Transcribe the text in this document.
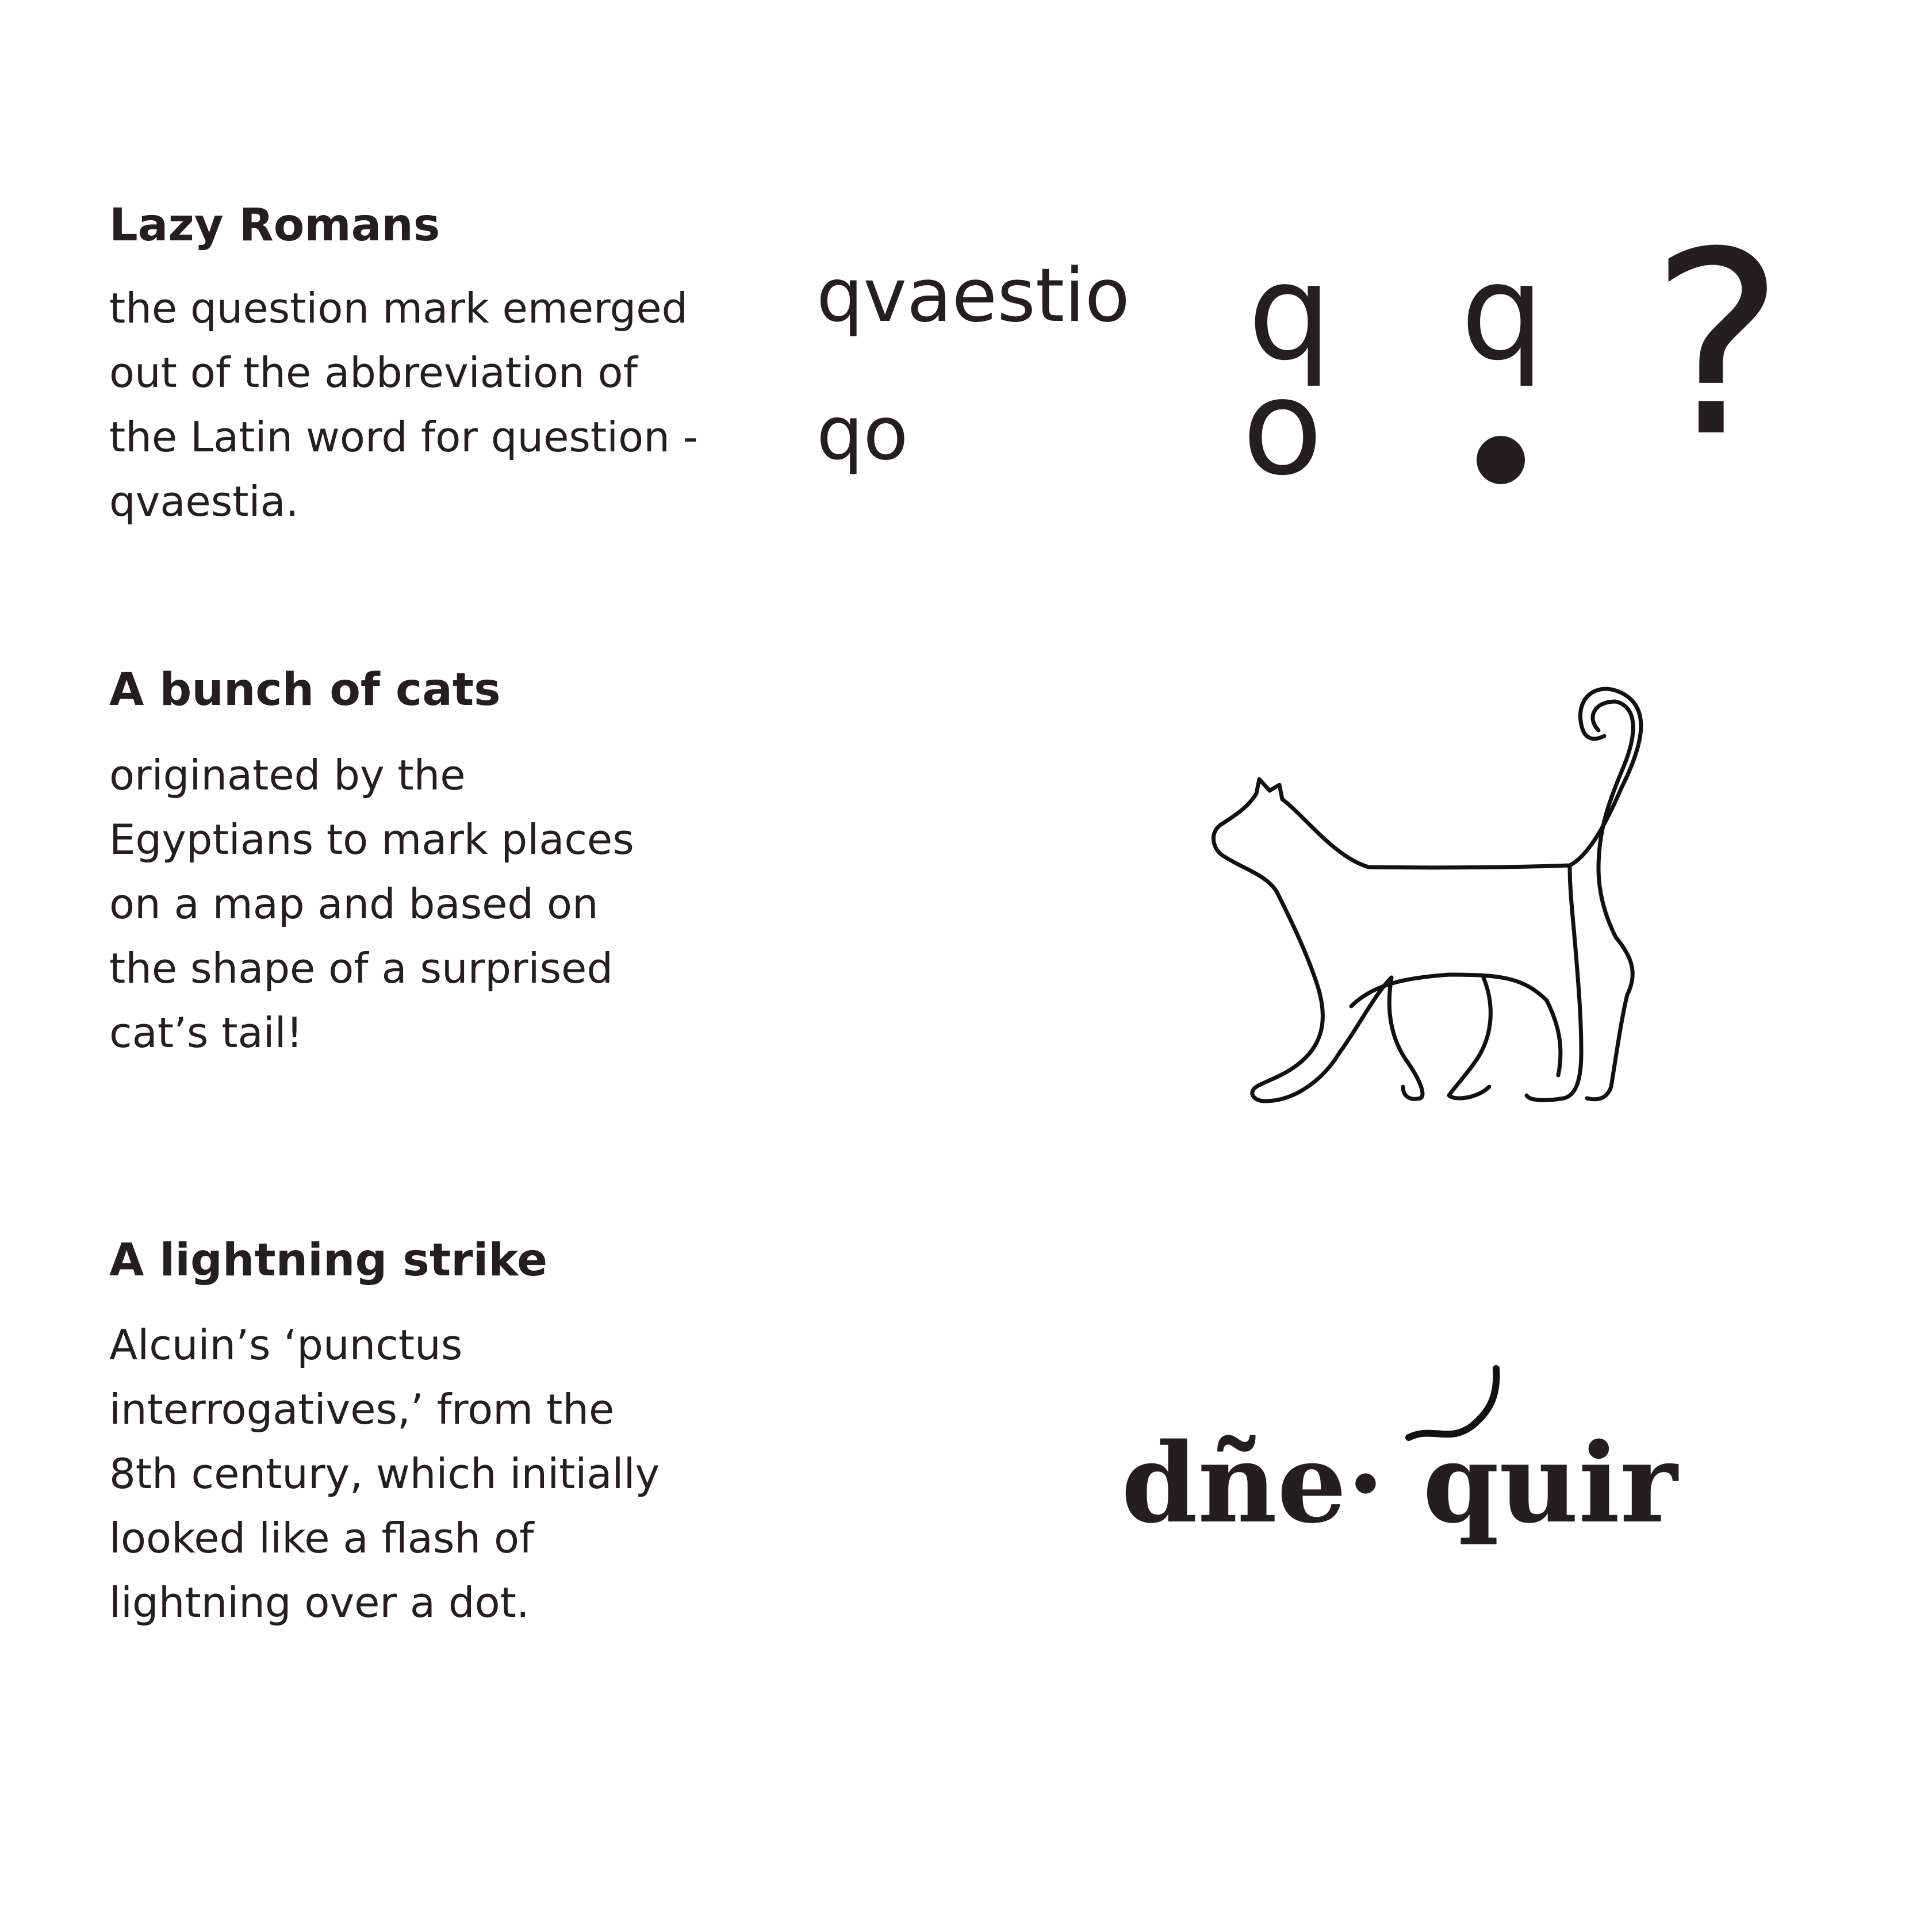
Lazy Romans
the question mark emerged
out of the abbreviation of
the Latin word for question -
qvaestia.
qvaestio
qo
q
o
q ?
A bunch of cats
originated by the
Egyptians to mark places
on a map and based on
the shape of a surprised
cat’s tail!
A lightning strike
Alcuin’s ‘punctus
interrogatives,’ from the
8th century, which initially
looked like a flash of
lightning over a dot.
dñe· quir
